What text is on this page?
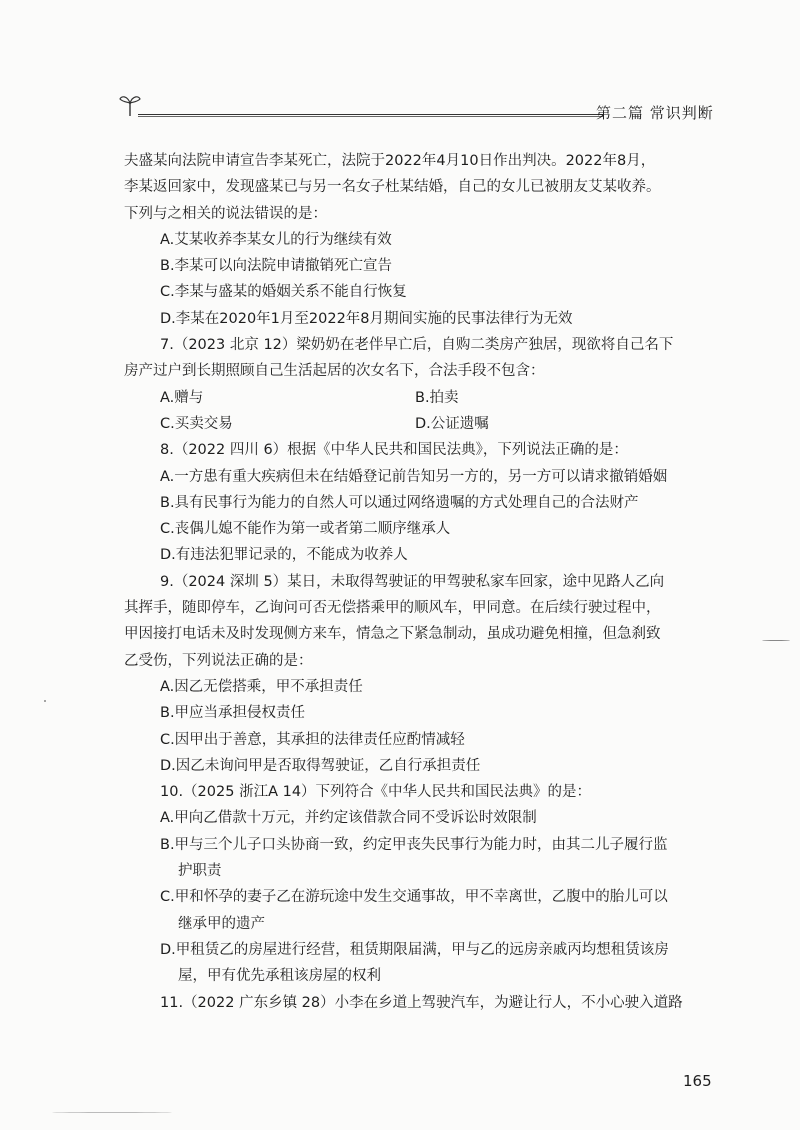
第二篇 常识判断
夫盛某向法院申请宣告李某死亡，法院于2022年4月10日作出判决。2022年8月，
李某返回家中，发现盛某已与另一名女子杜某结婚，自己的女儿已被朋友艾某收养。
下列与之相关的说法错误的是：
A.艾某收养李某女儿的行为继续有效
B.李某可以向法院申请撤销死亡宣告
C.李某与盛某的婚姻关系不能自行恢复
D.李某在2020年1月至2022年8月期间实施的民事法律行为无效
7.（2023 北京 12）梁奶奶在老伴早亡后，自购二类房产独居，现欲将自己名下
房产过户到长期照顾自己生活起居的次女名下，合法手段不包含：
A.赠与	B.拍卖
C.买卖交易	D.公证遗嘱
8.（2022 四川 6）根据《中华人民共和国民法典》，下列说法正确的是：
A.一方患有重大疾病但未在结婚登记前告知另一方的，另一方可以请求撤销婚姻
B.具有民事行为能力的自然人可以通过网络遗嘱的方式处理自己的合法财产
C.丧偶儿媳不能作为第一或者第二顺序继承人
D.有违法犯罪记录的，不能成为收养人
9.（2024 深圳 5）某日，未取得驾驶证的甲驾驶私家车回家，途中见路人乙向
其挥手，随即停车，乙询问可否无偿搭乘甲的顺风车，甲同意。在后续行驶过程中，
甲因接打电话未及时发现侧方来车，情急之下紧急制动，虽成功避免相撞，但急刹致
乙受伤，下列说法正确的是：
A.因乙无偿搭乘，甲不承担责任
B.甲应当承担侵权责任
C.因甲出于善意，其承担的法律责任应酌情减轻
D.因乙未询问甲是否取得驾驶证，乙自行承担责任
10.（2025 浙江A 14）下列符合《中华人民共和国民法典》的是：
A.甲向乙借款十万元，并约定该借款合同不受诉讼时效限制
B.甲与三个儿子口头协商一致，约定甲丧失民事行为能力时，由其二儿子履行监
护职责
C.甲和怀孕的妻子乙在游玩途中发生交通事故，甲不幸离世，乙腹中的胎儿可以
继承甲的遗产
D.甲租赁乙的房屋进行经营，租赁期限届满，甲与乙的远房亲戚丙均想租赁该房
屋，甲有优先承租该房屋的权利
11.（2022 广东乡镇 28）小李在乡道上驾驶汽车，为避让行人，不小心驶入道路
165
